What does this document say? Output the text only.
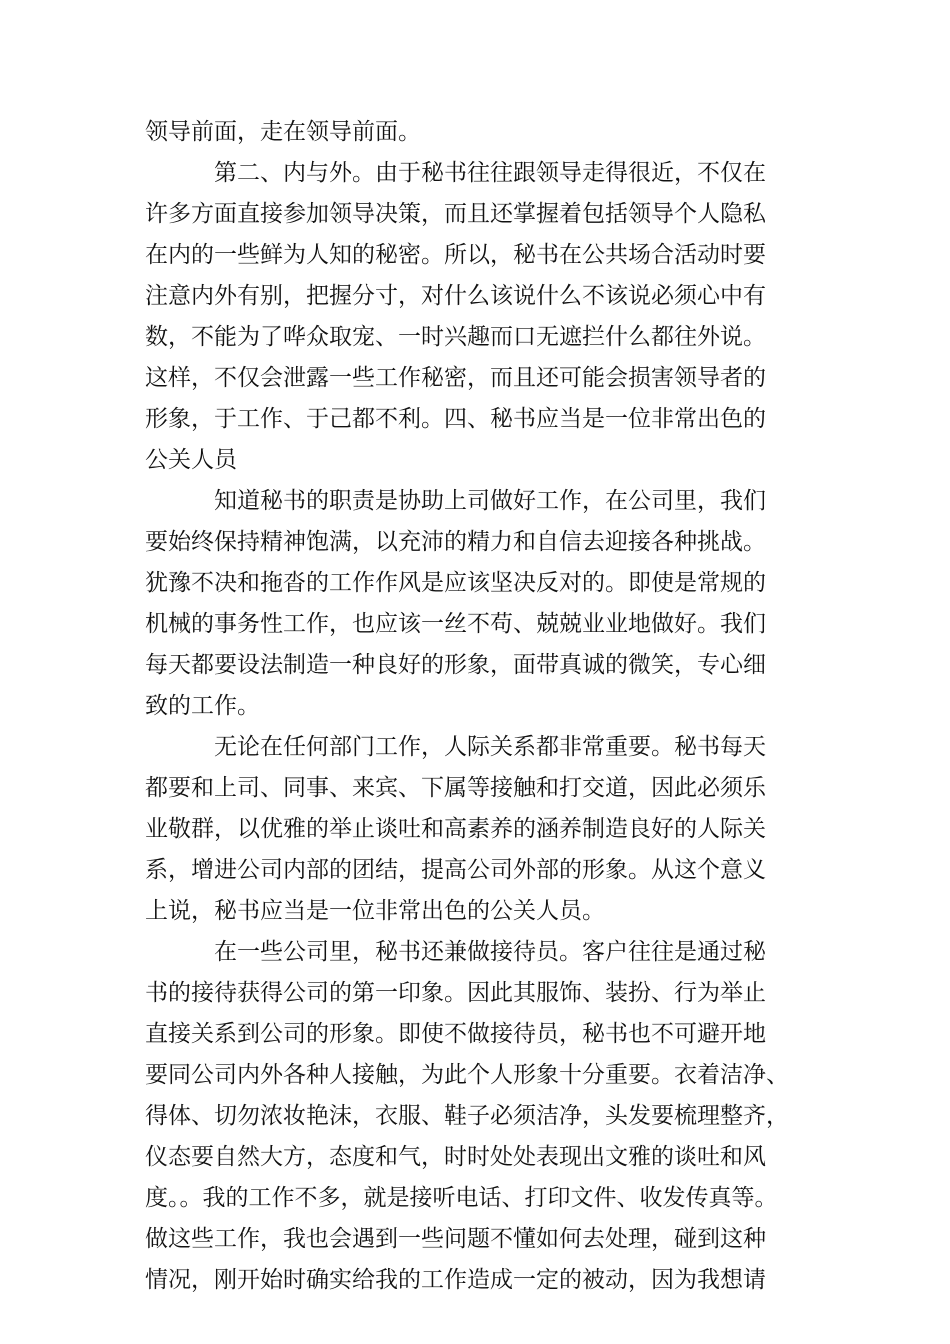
领导前面，走在领导前面。
第二、内与外。由于秘书往往跟领导走得很近，不仅在
许多方面直接参加领导决策，而且还掌握着包括领导个人隐私
在内的一些鲜为人知的秘密。所以，秘书在公共场合活动时要
注意内外有别，把握分寸，对什么该说什么不该说必须心中有
数，不能为了哗众取宠、一时兴趣而口无遮拦什么都往外说。
这样，不仅会泄露一些工作秘密，而且还可能会损害领导者的
形象，于工作、于己都不利。四、秘书应当是一位非常出色的
公关人员
知道秘书的职责是协助上司做好工作，在公司里，我们
要始终保持精神饱满，以充沛的精力和自信去迎接各种挑战。
犹豫不决和拖沓的工作作风是应该坚决反对的。即使是常规的
机械的事务性工作，也应该一丝不苟、兢兢业业地做好。我们
每天都要设法制造一种良好的形象，面带真诚的微笑，专心细
致的工作。
无论在任何部门工作，人际关系都非常重要。秘书每天
都要和上司、同事、来宾、下属等接触和打交道，因此必须乐
业敬群，以优雅的举止谈吐和高素养的涵养制造良好的人际关
系，增进公司内部的团结，提高公司外部的形象。从这个意义
上说，秘书应当是一位非常出色的公关人员。
在一些公司里，秘书还兼做接待员。客户往往是通过秘
书的接待获得公司的第一印象。因此其服饰、装扮、行为举止
直接关系到公司的形象。即使不做接待员，秘书也不可避开地
要同公司内外各种人接触，为此个人形象十分重要。衣着洁净、
得体、切勿浓妆艳沫，衣服、鞋子必须洁净，头发要梳理整齐，
仪态要自然大方，态度和气，时时处处表现出文雅的谈吐和风
度。。我的工作不多，就是接听电话、打印文件、收发传真等。
做这些工作，我也会遇到一些问题不懂如何去处理，碰到这种
情况，刚开始时确实给我的工作造成一定的被动，因为我想请
